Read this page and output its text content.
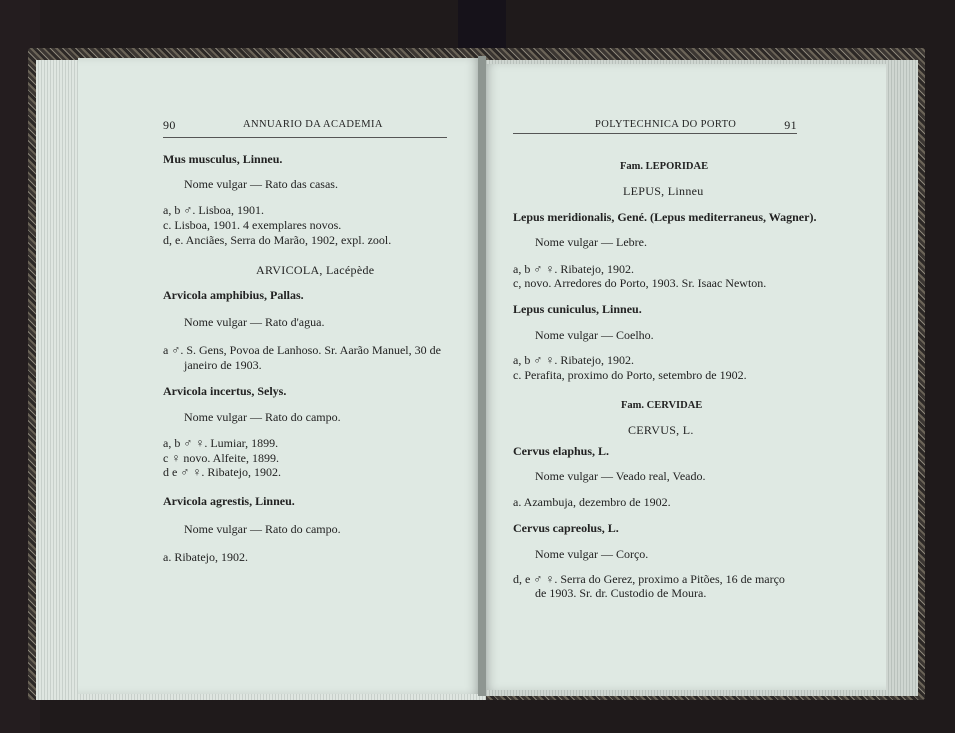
90	ANNUARIO DA ACADEMIA	POLYTECHNICA DO PORTO	91
Mus musculus, Linneu.
Nome vulgar — Rato das casas.
a, b ♂. Lisboa, 1901.
c. Lisboa, 1901. 4 exemplares novos.
d, e. Anciães, Serra do Marão, 1902, expl. zool.
ARVICOLA, Lacépède
Arvicola amphibius, Pallas.
Nome vulgar — Rato d'agua.
a ♂. S. Gens, Povoa de Lanhoso. Sr. Aarão Manuel, 30 de
janeiro de 1903.
Arvicola incertus, Selys.
Nome vulgar — Rato do campo.
a, b ♂ ♀. Lumiar, 1899.
c ♀ novo. Alfeite, 1899.
d e ♂ ♀. Ribatejo, 1902.
Arvicola agrestis, Linneu.
Nome vulgar — Rato do campo.
a. Ribatejo, 1902.
Fam. LEPORIDAE
LEPUS, Linneu
Lepus meridionalis, Gené. (Lepus mediterraneus, Wagner).
Nome vulgar — Lebre.
a, b ♂ ♀. Ribatejo, 1902.
c, novo. Arredores do Porto, 1903. Sr. Isaac Newton.
Lepus cuniculus, Linneu.
Nome vulgar — Coelho.
a, b ♂ ♀. Ribatejo, 1902.
c. Perafita, proximo do Porto, setembro de 1902.
Fam. CERVIDAE
CERVUS, L.
Cervus elaphus, L.
Nome vulgar — Veado real, Veado.
a. Azambuja, dezembro de 1902.
Cervus capreolus, L.
Nome vulgar — Corço.
d, e ♂ ♀. Serra do Gerez, proximo a Pitões, 16 de março
de 1903. Sr. dr. Custodio de Moura.
